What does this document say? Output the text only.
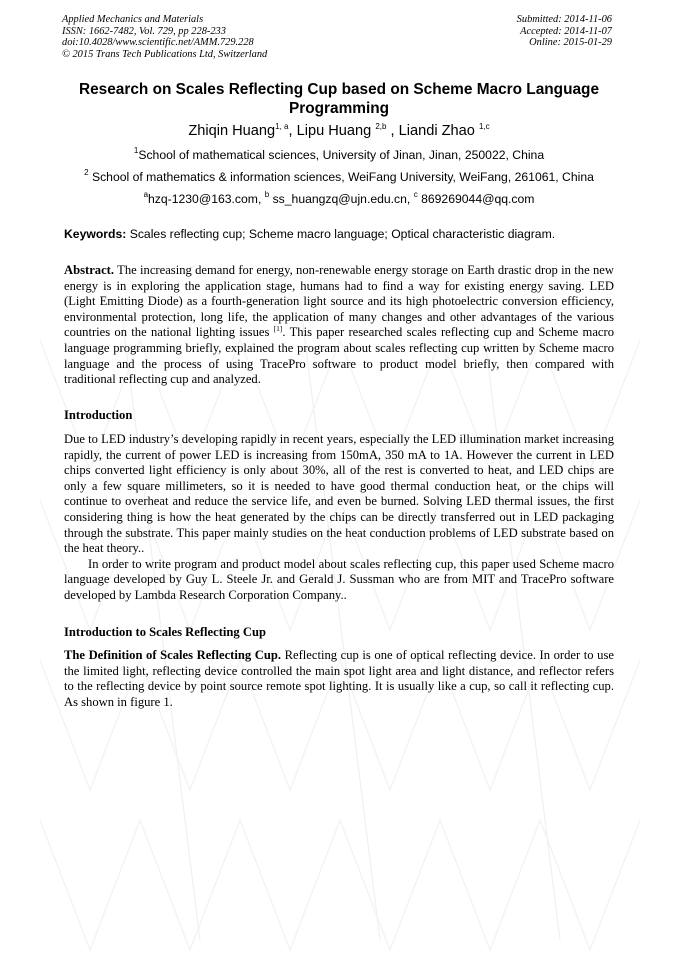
Applied Mechanics and Materials
ISSN: 1662-7482, Vol. 729, pp 228-233
doi:10.4028/www.scientific.net/AMM.729.228
© 2015 Trans Tech Publications Ltd, Switzerland
Submitted: 2014-11-06
Accepted: 2014-11-07
Online: 2015-01-29
Research on Scales Reflecting Cup based on Scheme Macro Language Programming
Zhiqin Huang$^{1, a}$, Lipu Huang $^{2,b}$ , Liandi Zhao $^{1,c}$
$^1$School of mathematical sciences, University of Jinan, Jinan, 250022, China
$^2$ School of mathematics & information sciences, WeiFang University, WeiFang, 261061, China
$^a$hzq-1230@163.com, $^b$ ss_huangzq@ujn.edu.cn, $^c$ 869269044@qq.com
Keywords: Scales reflecting cup; Scheme macro language; Optical characteristic diagram.
Abstract. The increasing demand for energy, non-renewable energy storage on Earth drastic drop in the new energy is in exploring the application stage, humans had to find a way for existing energy saving. LED (Light Emitting Diode) as a fourth-generation light source and its high photoelectric conversion efficiency, environmental protection, long life, the application of many changes and other advantages of the various countries on the national lighting issues [1]. This paper researched scales reflecting cup and Scheme macro language programming briefly, explained the program about scales reflecting cup written by Scheme macro language and the process of using TracePro software to product model briefly, then compared with traditional reflecting cup and analyzed.
Introduction
Due to LED industry’s developing rapidly in recent years, especially the LED illumination market increasing rapidly, the current of power LED is increasing from 150mA, 350 mA to 1A. However the current in LED chips converted light efficiency is only about 30%, all of the rest is converted to heat, and LED chips are only a few square millimeters, so it is needed to have good thermal conduction heat, or the chips will continue to overheat and reduce the service life, and even be burned. Solving LED thermal issues, the first considering thing is how the heat generated by the chips can be directly transferred out in LED packaging through the substrate. This paper mainly studies on the heat conduction problems of LED substrate based on the heat theory..
In order to write program and product model about scales reflecting cup, this paper used Scheme macro language developed by Guy L. Steele Jr. and Gerald J. Sussman who are from MIT and TracePro software developed by Lambda Research Corporation Company..
Introduction to Scales Reflecting Cup
The Definition of Scales Reflecting Cup. Reflecting cup is one of optical reflecting device. In order to use the limited light, reflecting device controlled the main spot light area and light distance, and reflector refers to the reflecting device by point source remote spot lighting. It is usually like a cup, so call it reflecting cup. As shown in figure 1.
